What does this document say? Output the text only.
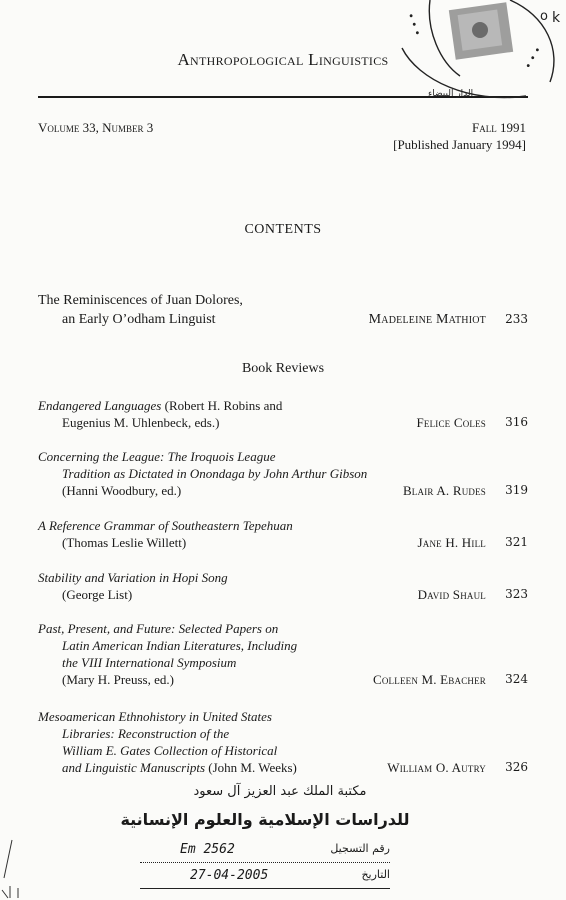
Anthropological Linguistics
Volume 33, Number 3	Fall 1991
[Published January 1994]
CONTENTS
The Reminiscences of Juan Dolores,
an Early O’odham Linguist	Madeleine Mathiot	233
Book Reviews
Endangered Languages (Robert H. Robins and
Eugenius M. Uhlenbeck, eds.)	Felice Coles	316
Concerning the League: The Iroquois League
Tradition as Dictated in Onondaga by John Arthur Gibson
(Hanni Woodbury, ed.)	Blair A. Rudes	319
A Reference Grammar of Southeastern Tepehuan
(Thomas Leslie Willett)	Jane H. Hill	321
Stability and Variation in Hopi Song
(George List)	David Shaul	323
Past, Present, and Future: Selected Papers on
Latin American Indian Literatures, Including
the VIII International Symposium
(Mary H. Preuss, ed.)	Colleen M. Ebacher	324
Mesoamerican Ethnohistory in United States
Libraries: Reconstruction of the
William E. Gates Collection of Historical
and Linguistic Manuscripts (John M. Weeks)	William O. Autry	326
• • •
• • •
o k
الدار البيضاء
مكتبة الملك عبد العزيز آل سعود
للدراسات الإسلامية والعلوم الإنسانية
Em 2562	رقم التسجيل
27-04-2005	التاريخ
